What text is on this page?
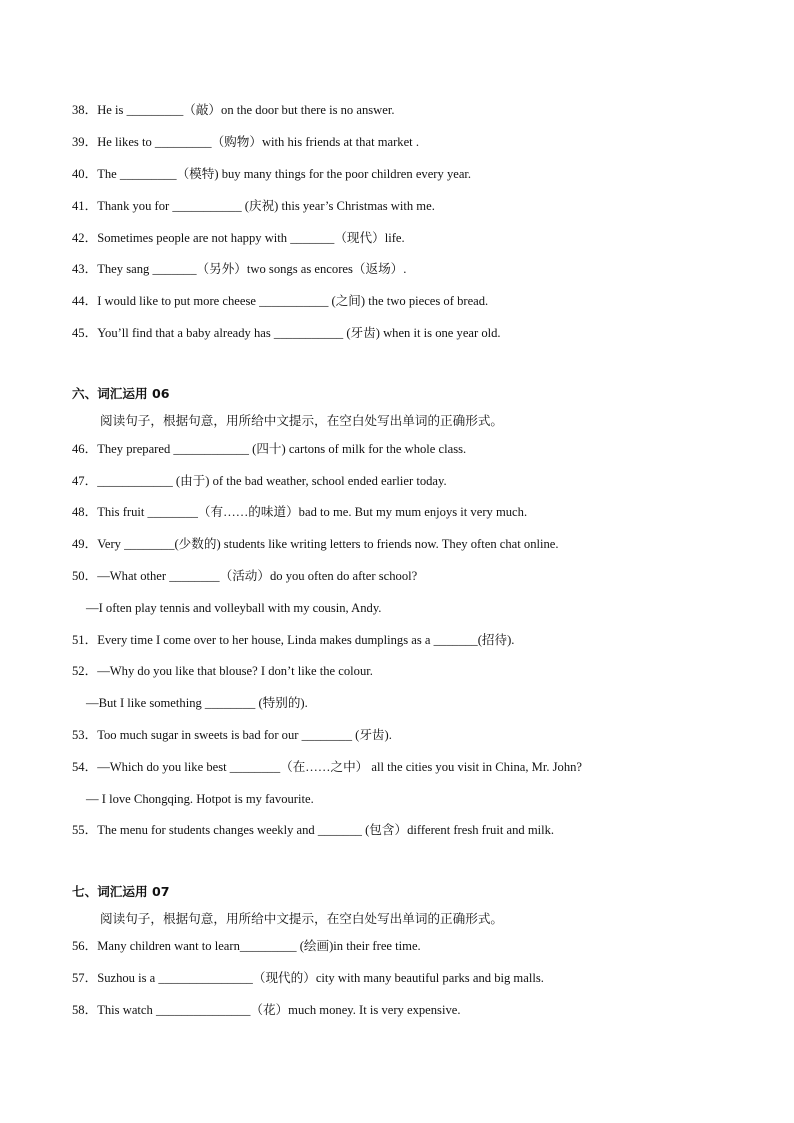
38．He is _________（敲）on the door but there is no answer.
39．He likes to _________（购物）with his friends at that market .
40．The _________（模特) buy many things for the poor children every year.
41．Thank you for ___________ (庆祝) this year’s Christmas with me.
42．Sometimes people are not happy with _______（现代）life.
43．They sang _______（另外）two songs as encores（返场）.
44．I would like to put more cheese ___________ (之间) the two pieces of bread.
45．You’ll find that a baby already has ___________ (牙齿) when it is one year old.
六、词汇运用 06
阅读句子，根据句意，用所给中文提示，在空白处写出单词的正确形式。
46．They prepared ____________ (四十) cartons of milk for the whole class.
47．____________ (由于) of the bad weather, school ended earlier today.
48．This fruit ________（有……的味道）bad to me. But my mum enjoys it very much.
49．Very ________(少数的) students like writing letters to friends now. They often chat online.
50．—What other ________（活动）do you often do after school?
—I often play tennis and volleyball with my cousin, Andy.
51．Every time I come over to her house, Linda makes dumplings as a _______(招待).
52．—Why do you like that blouse? I don’t like the colour.
—But I like something ________ (特别的).
53．Too much sugar in sweets is bad for our ________ (牙齿).
54．—Which do you like best ________（在……之中） all the cities you visit in China, Mr. John?
— I love Chongqing. Hotpot is my favourite.
55．The menu for students changes weekly and _______ (包含）different fresh fruit and milk.
七、词汇运用 07
阅读句子，根据句意，用所给中文提示，在空白处写出单词的正确形式。
56．Many children want to learn_________ (绘画)in their free time.
57．Suzhou is a _______________（现代的）city with many beautiful parks and big malls.
58．This watch _______________（花）much money. It is very expensive.
